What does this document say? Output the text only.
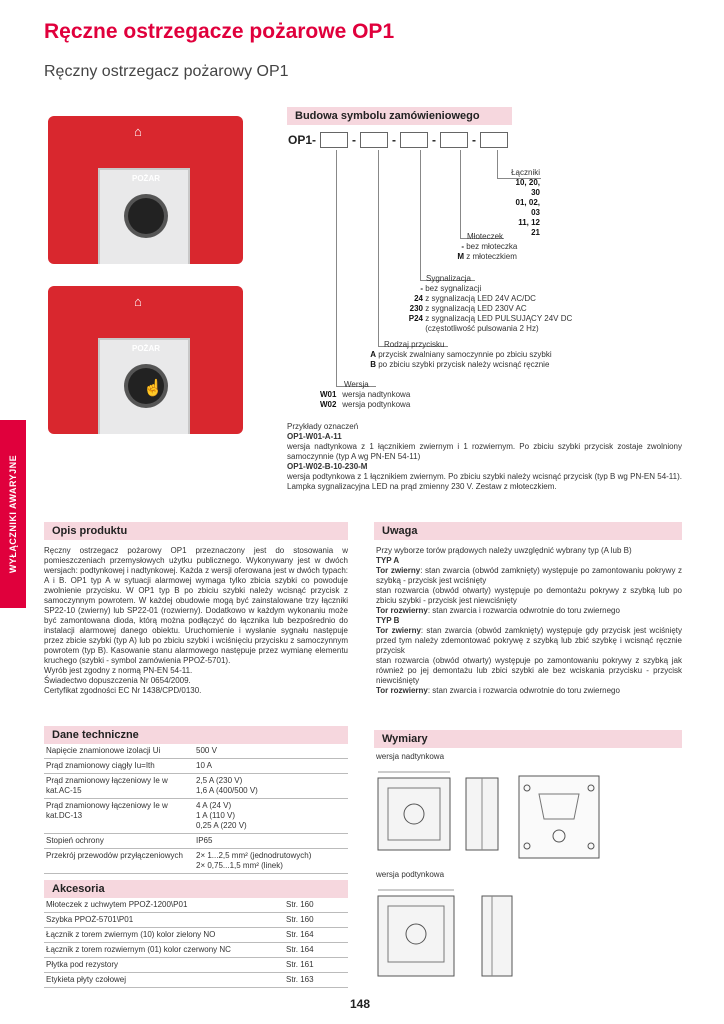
Ręczne ostrzegacze pożarowe OP1
Ręczny ostrzegacz pożarowy OP1
WYŁĄCZNIKI AWARYJNE
⌂
POŻAR
⌂
POŻAR
☝
Budowa symbolu zamówieniowego
OP1-	-	-	-	-
Łączniki
10, 20, 30
01, 02, 03
11, 12
21
Młoteczek
- bez młoteczka
M z młoteczkiem
Sygnalizacja
- bez sygnalizacji
24 z sygnalizacją LED 24V AC/DC
230 z sygnalizacją LED 230V AC
P24 z sygnalizacją LED PULSUJĄCY 24V DC
(częstotliwość pulsowania 2 Hz)
Rodzaj przycisku
A przycisk zwalniany samoczynnie po zbiciu szybki
B po zbiciu szybki przycisk należy wcisnąć ręcznie
Wersja
W01 wersja nadtynkowa
W02 wersja podtynkowa
Przykłady oznaczeń
OP1-W01-A-11
wersja nadtynkowa z 1 łącznikiem zwiernym i 1 rozwiernym. Po zbiciu szybki przycisk zostaje zwolniony samoczynnie (typ A wg PN-EN 54-11)
OP1-W02-B-10-230-M
wersja podtynkowa z 1 łącznikiem zwiernym. Po zbiciu szybki należy wcisnąć przycisk (typ B wg PN-EN 54-11). Lampka sygnalizacyjna LED na prąd zmienny 230 V. Zestaw z młoteczkiem.
Opis produktu

Ręczny ostrzegacz pożarowy OP1 przeznaczony jest do stosowania w pomieszczeniach przemysłowych użytku publicznego. Wykonywany jest w dwóch wersjach: podtynkowej i nadtynkowej. Każda z wersji oferowana jest w dwóch typach: A i B. OP1 typ A w sytuacji alarmowej wymaga tylko zbicia szybki co powoduje zwolnienie przycisku. W OP1 typ B po zbiciu szybki należy wcisnąć przycisk z samoczynnym powrotem. W każdej obudowie mogą być zainstalowane trzy łączniki SP22-10 (zwierny) lub SP22-01 (rozwierny). Dodatkowo w każdym wykonaniu może być zamontowana dioda, którą można podłączyć do łącznika lub bezpośrednio do instalacji alarmowej danego obiektu. Uruchomienie i wysłanie sygnału następuje przez zbicie szybki (typ A) lub po zbiciu szybki i wciśnięciu przycisku z samoczynnym powrotem (typ B). Kasowanie stanu alarmowego następuje przez wymianę elementu kruchego (szybki - symbol zamówienia PPOŻ-5701).

Wyrób jest zgodny z normą PN-EN 54-11.

Świadectwo dopuszczenia Nr 0654/2009.

Certyfikat zgodności EC Nr 1438/CPD/0130.

Dane techniczne
Napięcie znamionowe izolacji Ui	500 V
Prąd znamionowy ciągły Iu=Ith	10 A
Prąd znamionowy łączeniowy Ie w kat.AC-15	2,5 A (230 V)
1,6 A (400/500 V)
Prąd znamionowy łączeniowy Ie w kat.DC-13	4 A (24 V)
1 A (110 V)
0,25 A (220 V)
Stopień ochrony	IP65
Przekrój przewodów przyłączeniowych	2× 1...2,5 mm² (jednodrutowych)
2× 0,75...1,5 mm² (linek)
Akcesoria
Młoteczek z uchwytem PPOŻ-1200\P01	Str. 160
Szybka PPOŻ-5701\P01	Str. 160
Łącznik z torem zwiernym (10) kolor zielony NO	Str. 164
Łącznik z torem rozwiernym (01) kolor czerwony NC	Str. 164
Płytka pod rezystory	Str. 161
Etykieta płyty czołowej	Str. 163
Uwaga

Przy wyborze torów prądowych należy uwzględnić wybrany typ (A lub B)

TYP A

Tor zwierny: stan zwarcia (obwód zamknięty) występuje po zamontowaniu pokrywy z szybką - przycisk jest wciśnięty

stan rozwarcia (obwód otwarty) występuje po demontażu pokrywy z szybką lub po zbiciu szybki - przycisk jest niewciśnięty

Tor rozwierny: stan zwarcia i rozwarcia odwrotnie do toru zwiernego

TYP B

Tor zwierny: stan zwarcia (obwód zamknięty) występuje gdy przycisk jest wciśnięty przed tym należy zdemontować pokrywę z szybką lub zbić szybkę i wcisnąć ręcznie przycisk

stan rozwarcia (obwód otwarty) występuje po zamontowaniu pokrywy z szybką jak również po jej demontażu lub zbici szybki ale bez wciskania przycisku - przycisk niewciśnięty

Tor rozwierny: stan zwarcia i rozwarcia odwrotnie do toru zwiernego

Wymiary
wersja nadtynkowa
wersja podtynkowa
148
